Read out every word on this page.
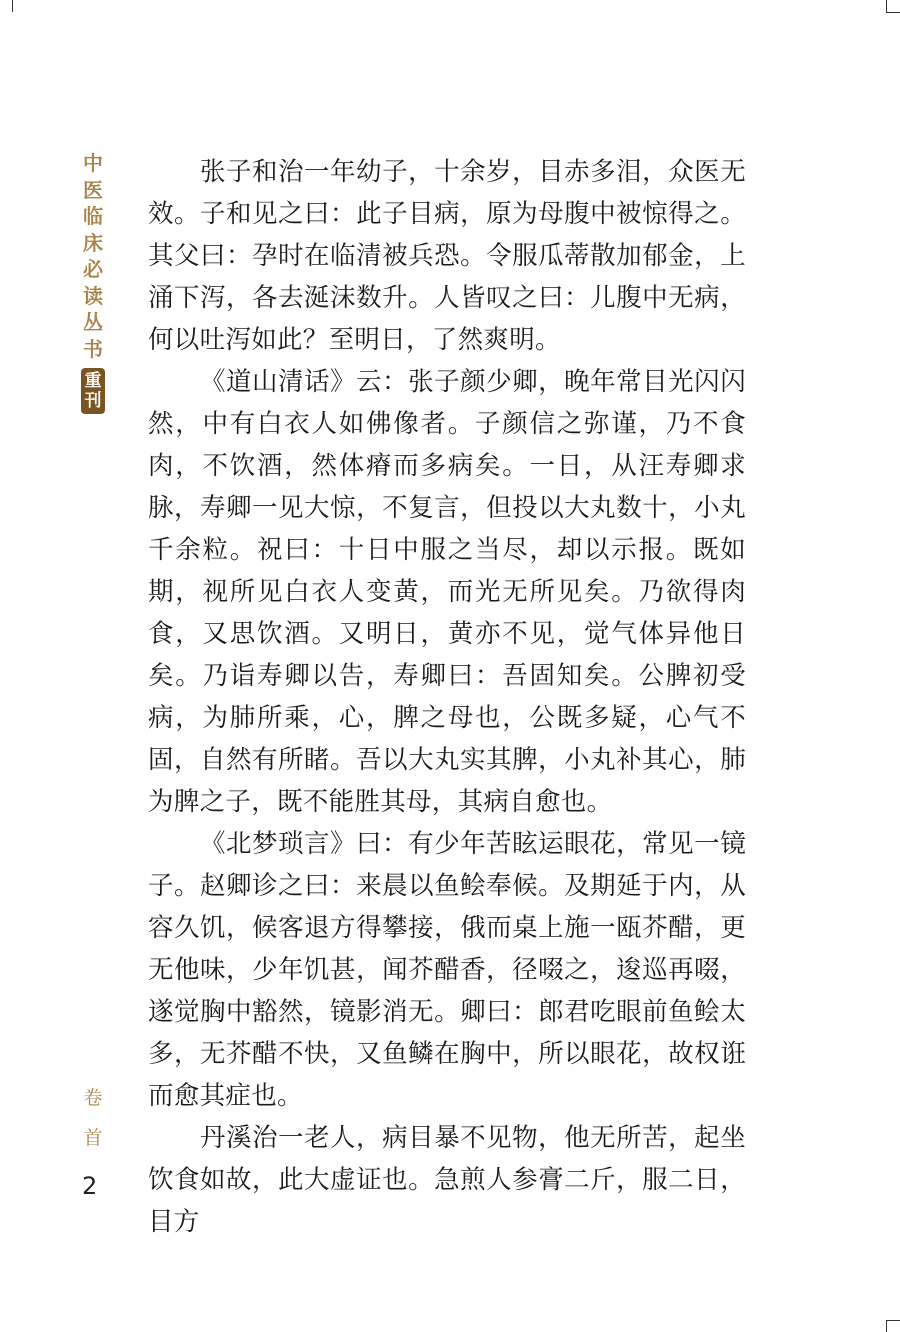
中
医
临
床
必
读
丛
书
重
刊
卷
首
2

张子和治一年幼子，十余岁，目赤多泪，众医无效。子和见之曰：此子目病，原为母腹中被惊得之。其父曰：孕时在临清被兵恐。令服瓜蒂散加郁金，上涌下泻，各去涎沫数升。人皆叹之曰：儿腹中无病，何以吐泻如此？至明日，了然爽明。

《道山清话》云：张子颜少卿，晚年常目光闪闪然，中有白衣人如佛像者。子颜信之弥谨，乃不食肉，不饮酒，然体瘠而多病矣。一日，从汪寿卿求脉，寿卿一见大惊，不复言，但投以大丸数十，小丸千余粒。祝曰：十日中服之当尽，却以示报。既如期，视所见白衣人变黄，而光无所见矣。乃欲得肉食，又思饮酒。又明日，黄亦不见，觉气体异他日矣。乃诣寿卿以告，寿卿曰：吾固知矣。公脾初受病，为肺所乘，心，脾之母也，公既多疑，心气不固，自然有所睹。吾以大丸实其脾，小丸补其心，肺为脾之子，既不能胜其母，其病自愈也。

《北梦琐言》曰：有少年苦眩运眼花，常见一镜子。赵卿诊之曰：来晨以鱼鲙奉候。及期延于内，从容久饥，候客退方得攀接，俄而桌上施一瓯芥醋，更无他味，少年饥甚，闻芥醋香，径啜之，逡巡再啜，遂觉胸中豁然，镜影消无。卿曰：郎君吃眼前鱼鲙太多，无芥醋不快，又鱼鳞在胸中，所以眼花，故权诳而愈其症也。

丹溪治一老人，病目暴不见物，他无所苦，起坐饮食如故，此大虚证也。急煎人参膏二斤，服二日，目方
